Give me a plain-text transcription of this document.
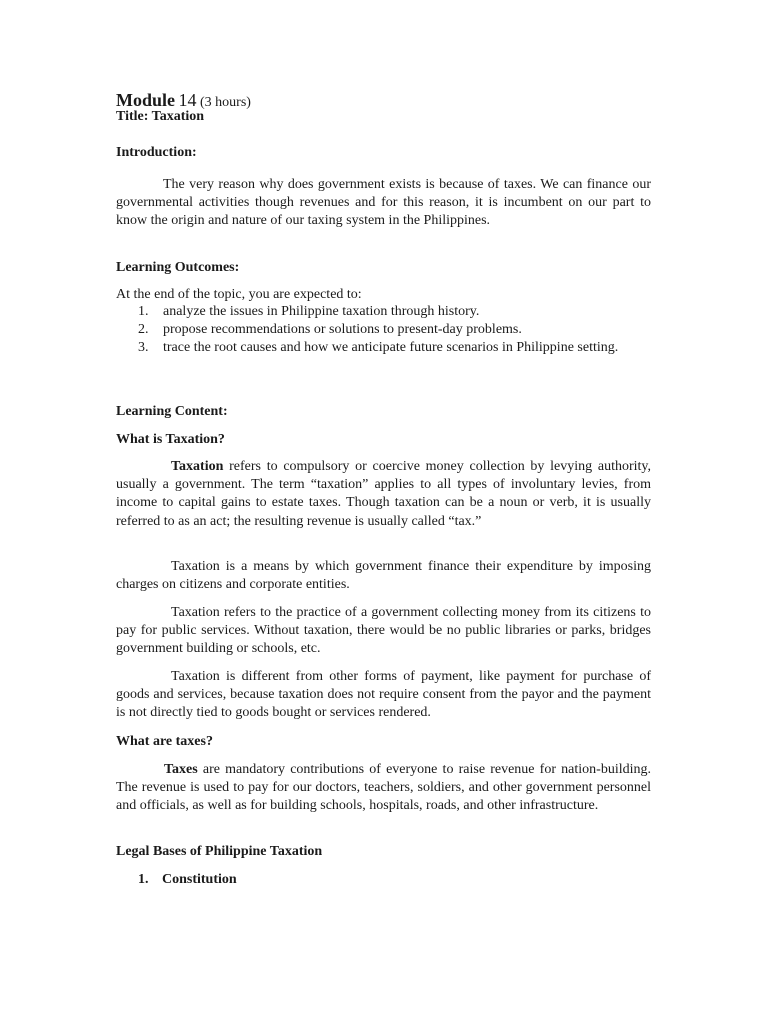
Module 14 (3 hours)
Title: Taxation
Introduction:

The very reason why does government exists is because of taxes. We can finance our governmental activities though revenues and for this reason, it is incumbent on our part to know the origin and nature of our taxing system in the Philippines.

Learning Outcomes:
At the end of the topic, you are expected to:
1. analyze the issues in Philippine taxation through history.
2. propose recommendations or solutions to present-day problems.
3. trace the root causes and how we anticipate future scenarios in Philippine setting.
Learning Content:
What is Taxation?

Taxation refers to compulsory or coercive money collection by levying authority, usually a government. The term “taxation” applies to all types of involuntary levies, from income to capital gains to estate taxes. Though taxation can be a noun or verb, it is usually referred to as an act; the resulting revenue is usually called “tax.”

Taxation is a means by which government finance their expenditure by imposing charges on citizens and corporate entities.

Taxation refers to the practice of a government collecting money from its citizens to pay for public services. Without taxation, there would be no public libraries or parks, bridges government building or schools, etc.

Taxation is different from other forms of payment, like payment for purchase of goods and services, because taxation does not require consent from the payor and the payment is not directly tied to goods bought or services rendered.

What are taxes?

Taxes are mandatory contributions of everyone to raise revenue for nation-building. The revenue is used to pay for our doctors, teachers, soldiers, and other government personnel and officials, as well as for building schools, hospitals, roads, and other infrastructure.

Legal Bases of Philippine Taxation
1. Constitution
